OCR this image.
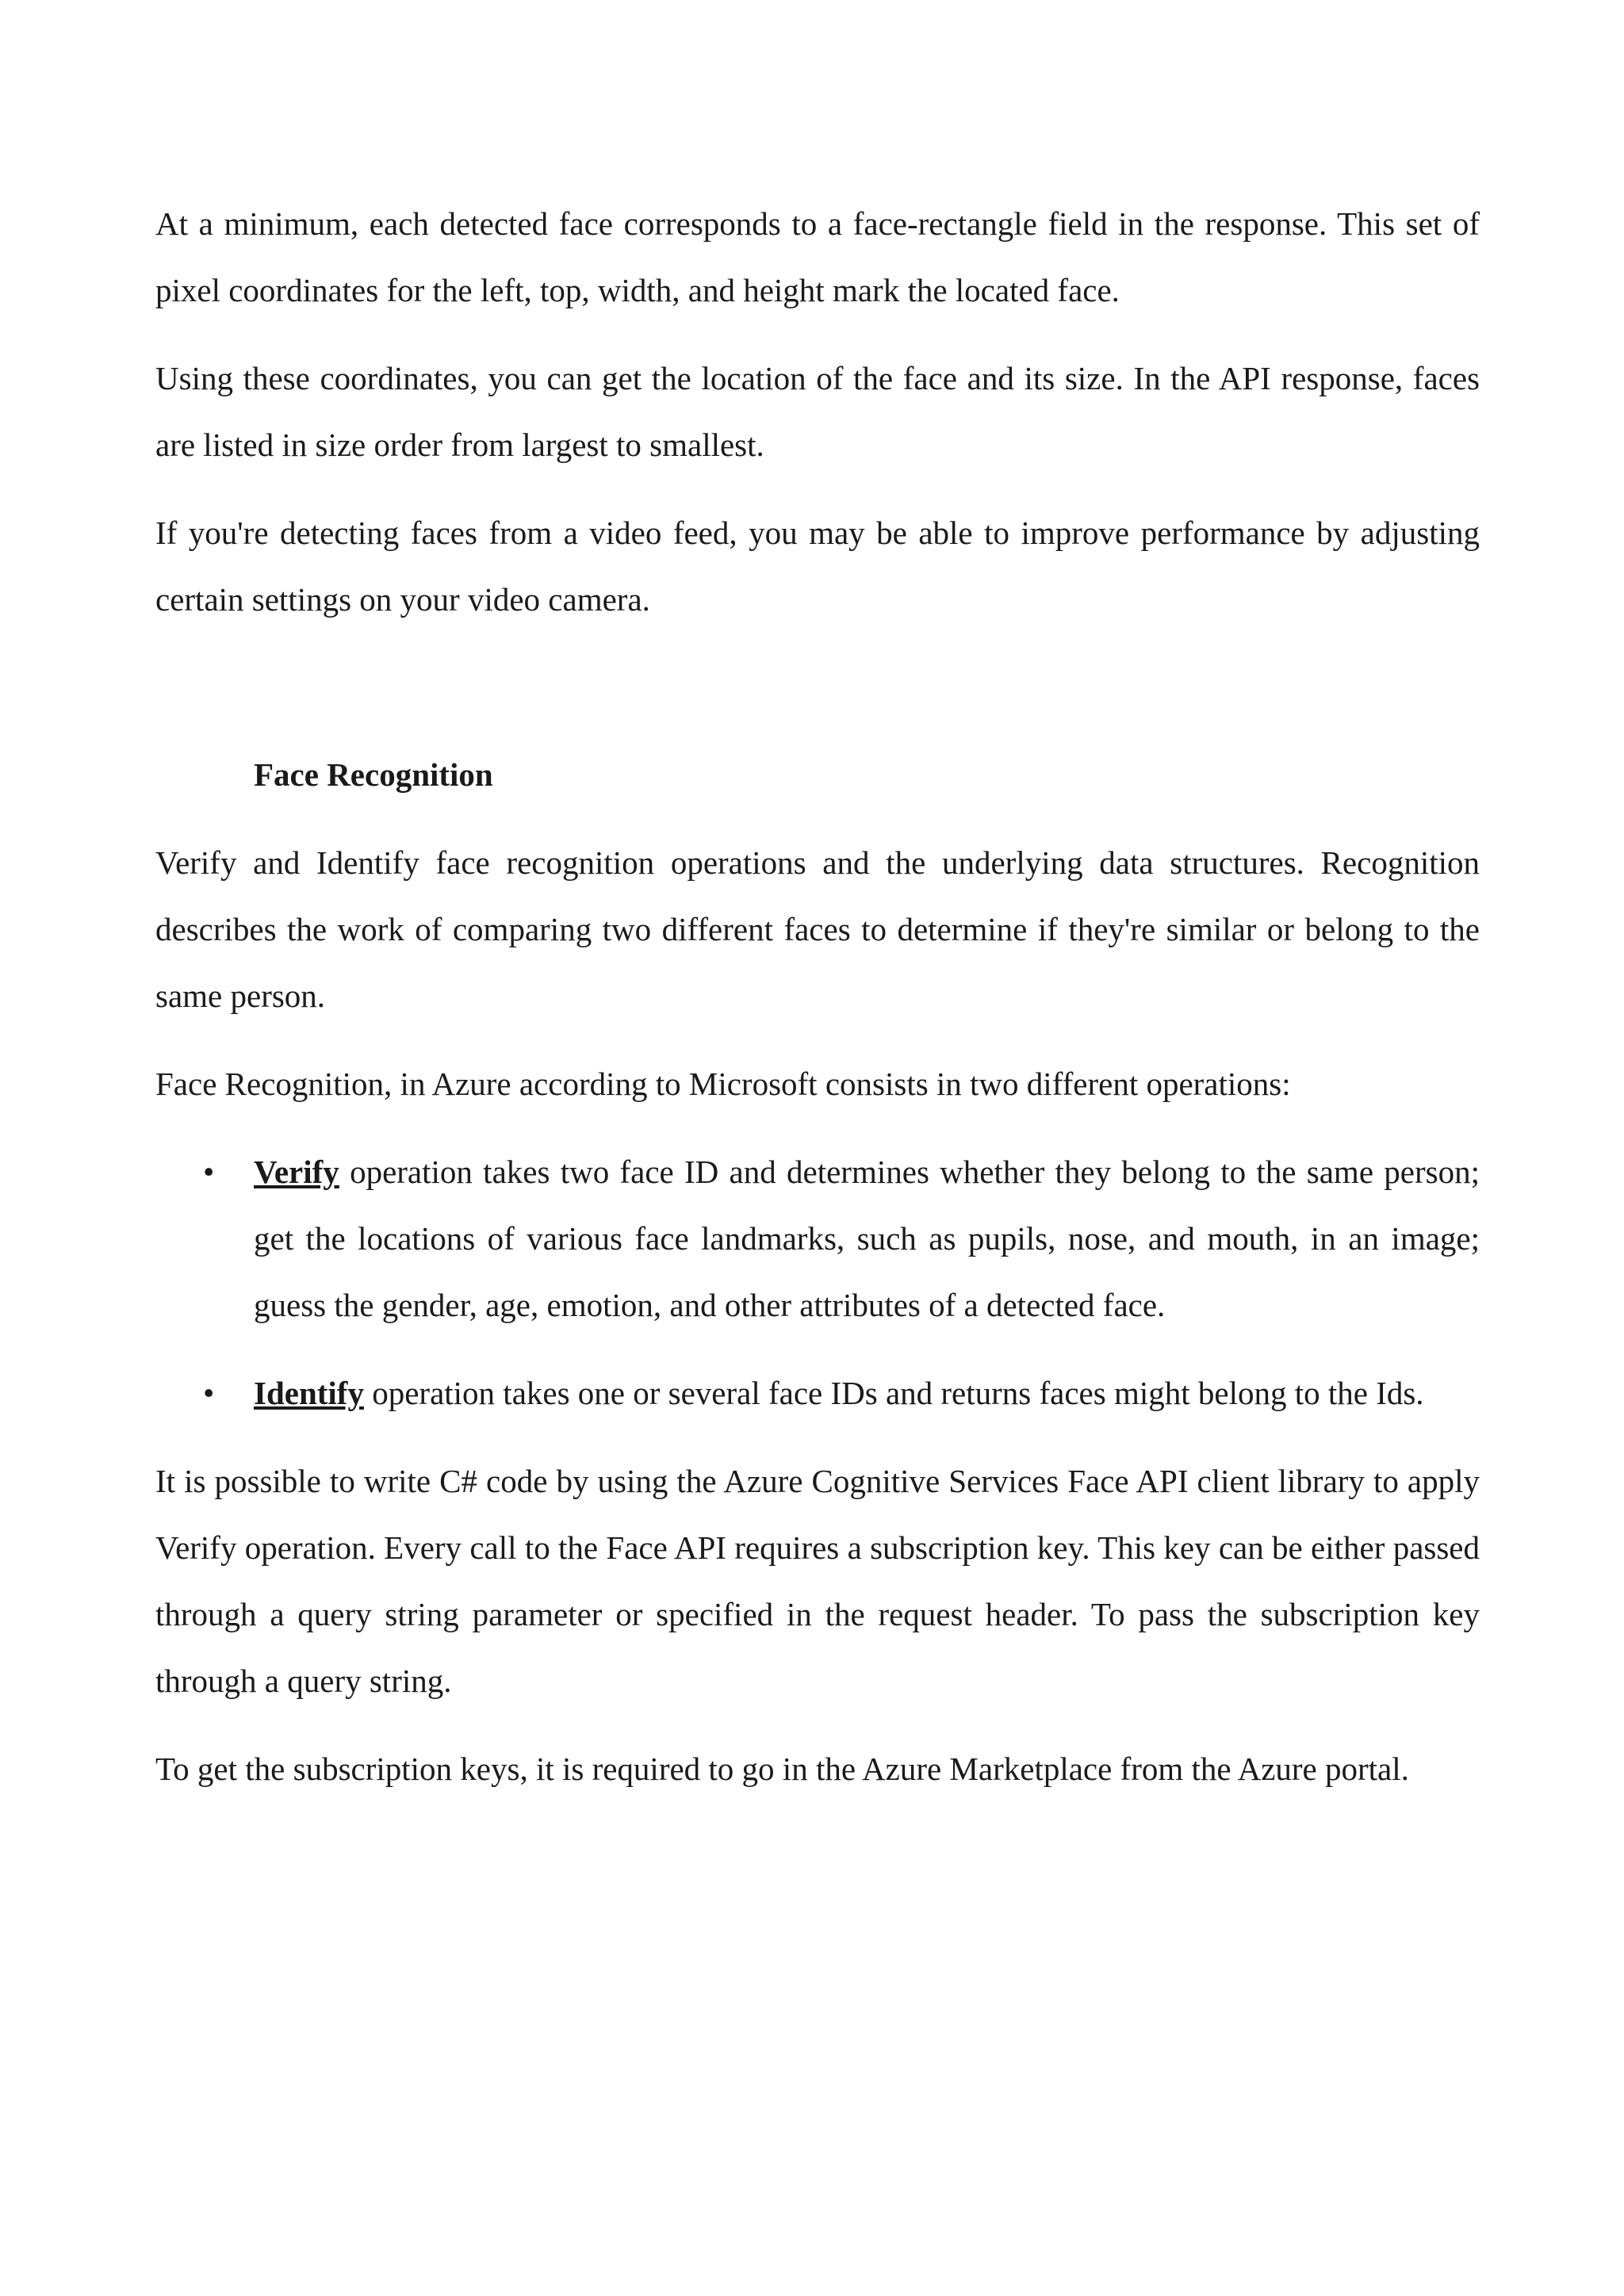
At a minimum, each detected face corresponds to a face-rectangle field in the response. This set of pixel coordinates for the left, top, width, and height mark the located face.

Using these coordinates, you can get the location of the face and its size. In the API response, faces are listed in size order from largest to smallest.

If you're detecting faces from a video feed, you may be able to improve performance by adjusting certain settings on your video camera.

Face Recognition

Verify and Identify face recognition operations and the underlying data structures. Recognition describes the work of comparing two different faces to determine if they're similar or belong to the same person.

Face Recognition, in Azure according to Microsoft consists in two different operations:

• Verify operation takes two face ID and determines whether they belong to the same person; get the locations of various face landmarks, such as pupils, nose, and mouth, in an image; guess the gender, age, emotion, and other attributes of a detected face.
• Identify operation takes one or several face IDs and returns faces might belong to the Ids.

It is possible to write C# code by using the Azure Cognitive Services Face API client library to apply Verify operation. Every call to the Face API requires a subscription key. This key can be either passed through a query string parameter or specified in the request header. To pass the subscription key through a query string.

To get the subscription keys, it is required to go in the Azure Marketplace from the Azure portal.
